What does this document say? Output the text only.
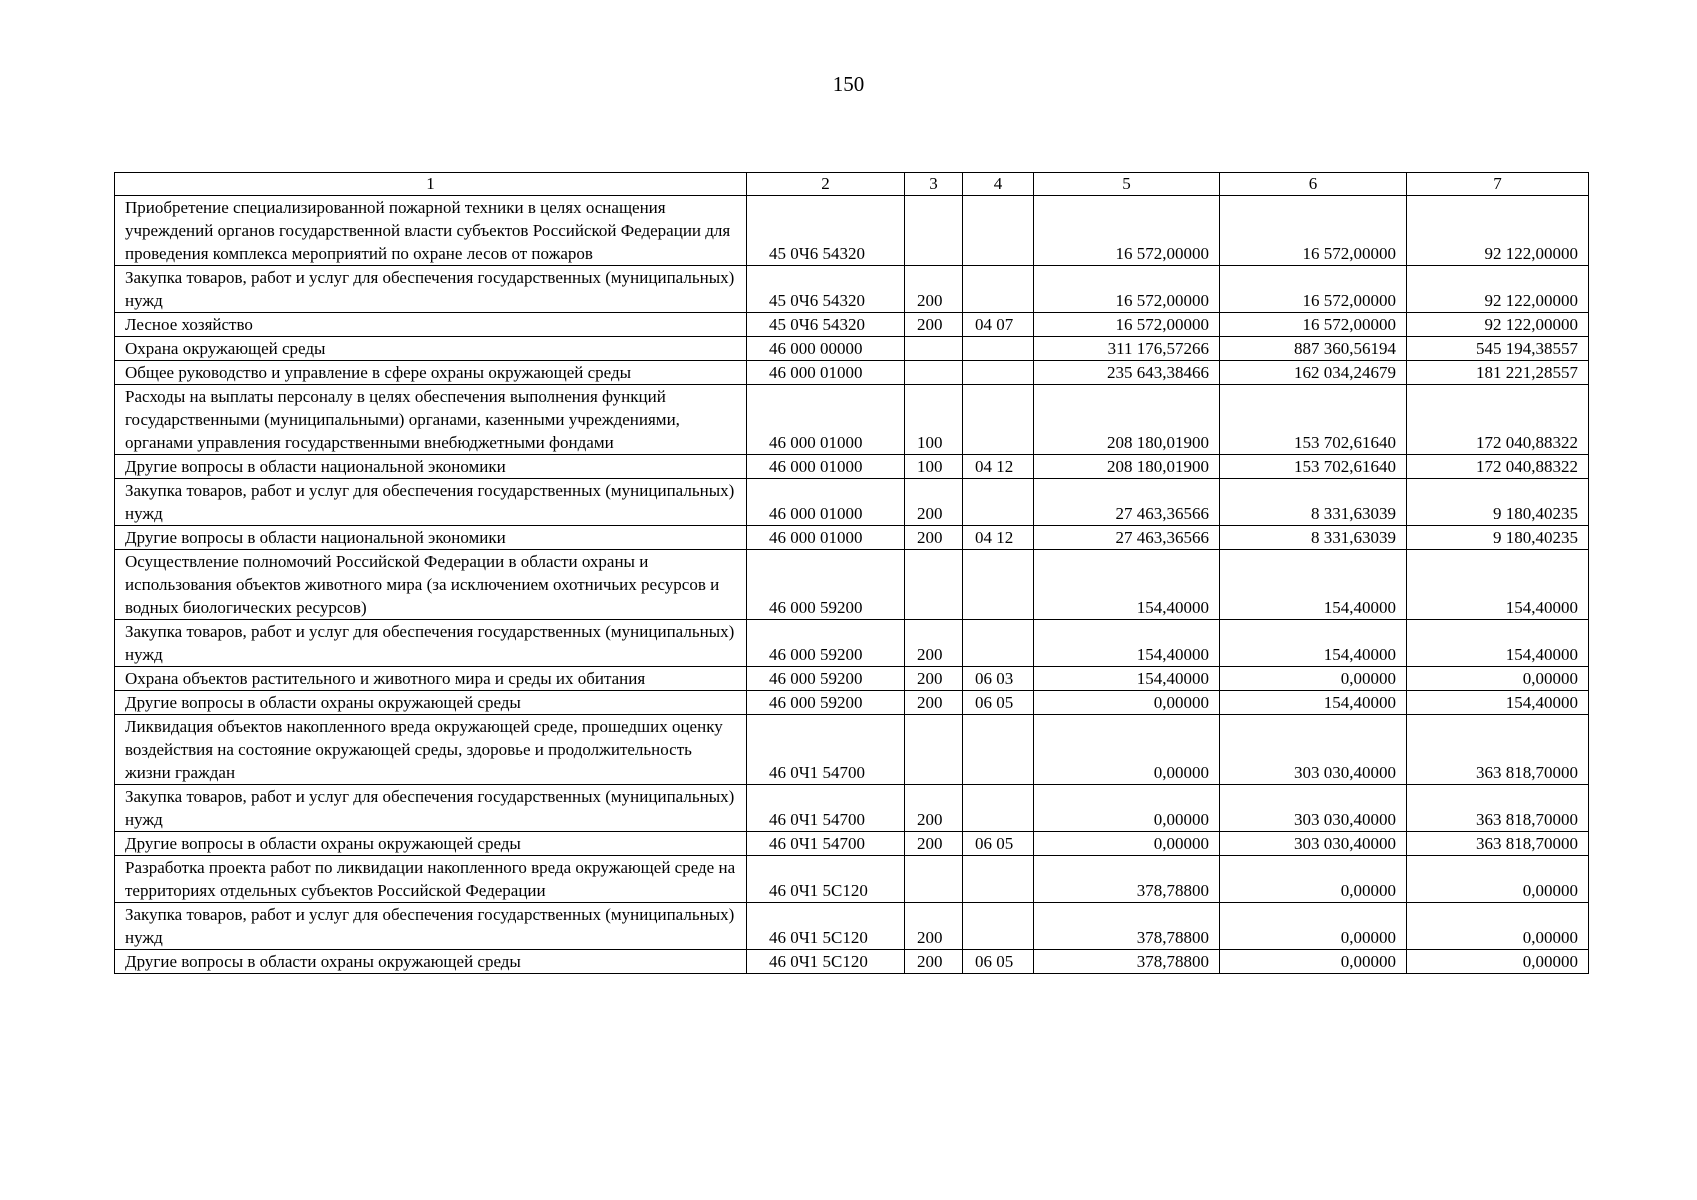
150
1	2	3	4	5	6	7
Приобретение специализированной пожарной техники в целях оснащения учреждений органов государственной власти субъектов Российской Федерации для проведения комплекса мероприятий по охране лесов от пожаров	45 0Ч6 54320			16 572,00000	16 572,00000	92 122,00000
Закупка товаров, работ и услуг для обеспечения государственных (муниципальных) нужд	45 0Ч6 54320	200		16 572,00000	16 572,00000	92 122,00000
Лесное хозяйство	45 0Ч6 54320	200	04 07	16 572,00000	16 572,00000	92 122,00000
Охрана окружающей среды	46 000 00000			311 176,57266	887 360,56194	545 194,38557
Общее руководство и управление в сфере охраны окружающей среды	46 000 01000			235 643,38466	162 034,24679	181 221,28557
Расходы на выплаты персоналу в целях обеспечения выполнения функций государственными (муниципальными) органами, казенными учреждениями, органами управления государственными внебюджетными фондами	46 000 01000	100		208 180,01900	153 702,61640	172 040,88322
Другие вопросы в области национальной экономики	46 000 01000	100	04 12	208 180,01900	153 702,61640	172 040,88322
Закупка товаров, работ и услуг для обеспечения государственных (муниципальных) нужд	46 000 01000	200		27 463,36566	8 331,63039	9 180,40235
Другие вопросы в области национальной экономики	46 000 01000	200	04 12	27 463,36566	8 331,63039	9 180,40235
Осуществление полномочий Российской Федерации в области охраны и использования объектов животного мира (за исключением охотничьих ресурсов и водных биологических ресурсов)	46 000 59200			154,40000	154,40000	154,40000
Закупка товаров, работ и услуг для обеспечения государственных (муниципальных) нужд	46 000 59200	200		154,40000	154,40000	154,40000
Охрана объектов растительного и животного мира и среды их обитания	46 000 59200	200	06 03	154,40000	0,00000	0,00000
Другие вопросы в области охраны окружающей среды	46 000 59200	200	06 05	0,00000	154,40000	154,40000
Ликвидация объектов накопленного вреда окружающей среде, прошедших оценку воздействия на состояние окружающей среды, здоровье и продолжительность жизни граждан	46 0Ч1 54700			0,00000	303 030,40000	363 818,70000
Закупка товаров, работ и услуг для обеспечения государственных (муниципальных) нужд	46 0Ч1 54700	200		0,00000	303 030,40000	363 818,70000
Другие вопросы в области охраны окружающей среды	46 0Ч1 54700	200	06 05	0,00000	303 030,40000	363 818,70000
Разработка проекта работ по ликвидации накопленного вреда окружающей среде на территориях отдельных субъектов Российской Федерации	46 0Ч1 5С120			378,78800	0,00000	0,00000
Закупка товаров, работ и услуг для обеспечения государственных (муниципальных) нужд	46 0Ч1 5С120	200		378,78800	0,00000	0,00000
Другие вопросы в области охраны окружающей среды	46 0Ч1 5С120	200	06 05	378,78800	0,00000	0,00000
